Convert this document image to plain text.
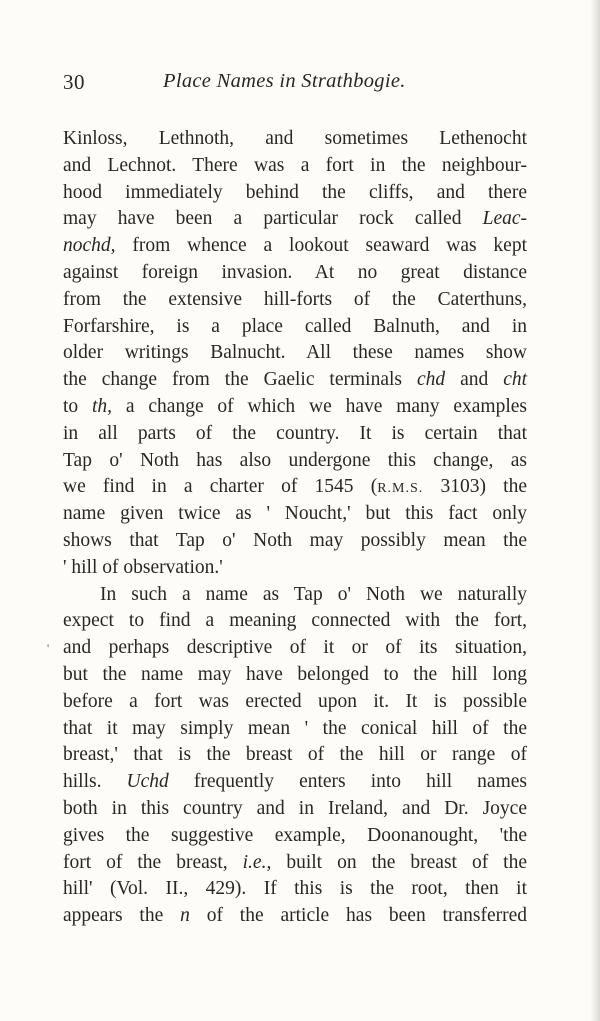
30	Place Names in Strathbogie.
Kinloss, Lethnoth, and sometimes Lethenocht
and Lechnot. There was a fort in the neighbour-
hood immediately behind the cliffs, and there
may have been a particular rock called Leac-
nochd, from whence a lookout seaward was kept
against foreign invasion. At no great distance
from the extensive hill-forts of the Caterthuns,
Forfarshire, is a place called Balnuth, and in
older writings Balnucht. All these names show
the change from the Gaelic terminals chd and cht
to th, a change of which we have many examples
in all parts of the country. It is certain that
Tap o' Noth has also undergone this change, as
we find in a charter of 1545 (R.M.S. 3103) the
name given twice as ' Noucht,' but this fact only
shows that Tap o' Noth may possibly mean the
' hill of observation.'
In such a name as Tap o' Noth we naturally
expect to find a meaning connected with the fort,
and perhaps descriptive of it or of its situation,
but the name may have belonged to the hill long
before a fort was erected upon it. It is possible
that it may simply mean ' the conical hill of the
breast,' that is the breast of the hill or range of
hills. Uchd frequently enters into hill names
both in this country and in Ireland, and Dr. Joyce
gives the suggestive example, Doonanought, 'the
fort of the breast, i.e., built on the breast of the
hill' (Vol. II., 429). If this is the root, then it
appears the n of the article has been transferred
'
